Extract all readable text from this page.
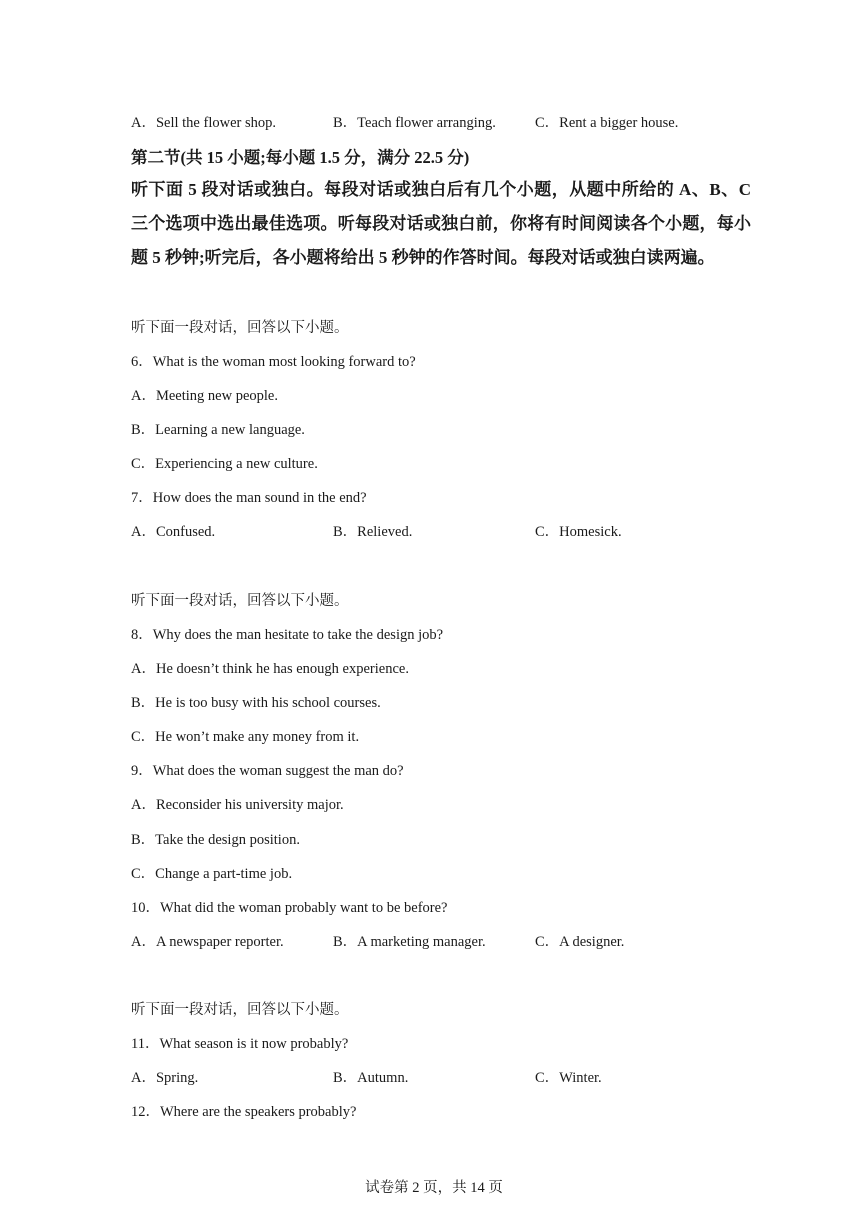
A．Sell the flower shop.	B．Teach flower arranging.	C．Rent a bigger house.
第二节(共 15 小题;每小题 1.5 分，满分 22.5 分)
听下面 5 段对话或独白。每段对话或独白后有几个小题，从题中所给的 A、B、C 三个选项中选出最佳选项。听每段对话或独白前，你将有时间阅读各个小题，每小题 5 秒钟;听完后，各小题将给出 5 秒钟的作答时间。每段对话或独白读两遍。
听下面一段对话，回答以下小题。
6．What is the woman most looking forward to?
A．Meeting new people.
B．Learning a new language.
C．Experiencing a new culture.
7．How does the man sound in the end?
A．Confused.	B．Relieved.	C．Homesick.
听下面一段对话，回答以下小题。
8．Why does the man hesitate to take the design job?
A．He doesn’t think he has enough experience.
B．He is too busy with his school courses.
C．He won’t make any money from it.
9．What does the woman suggest the man do?
A．Reconsider his university major.
B．Take the design position.
C．Change a part-time job.
10．What did the woman probably want to be before?
A．A newspaper reporter.	B．A marketing manager.	C．A designer.
听下面一段对话，回答以下小题。
11．What season is it now probably?
A．Spring.	B．Autumn.	C．Winter.
12．Where are the speakers probably?
试卷第 2 页，共 14 页
